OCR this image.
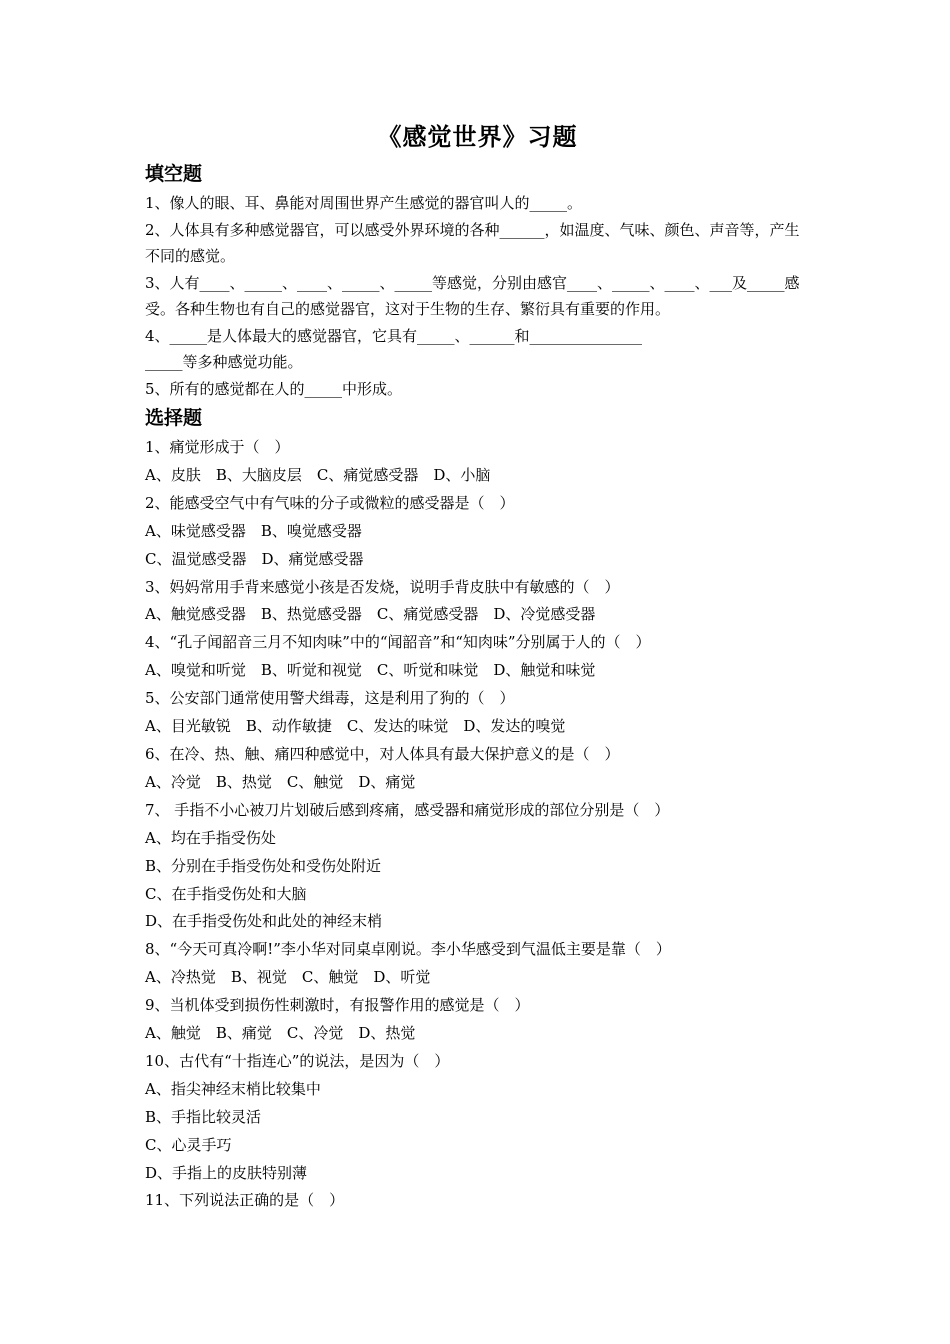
《感觉世界》习题
填空题

1、像人的眼、耳、鼻能对周围世界产生感觉的器官叫人的_____。

2、人体具有多种感觉器官，可以感受外界环境的各种______，如温度、气味、颜色、声音等，产生不同的感觉。

3、人有____、_____、____、_____、_____等感觉，分别由感官____、_____、____、___及_____感受。各种生物也有自己的感觉器官，这对于生物的生存、繁衍具有重要的作用。

4、_____是人体最大的感觉器官，它具有_____、______和_______________
_____等多种感觉功能。

5、所有的感觉都在人的_____中形成。

选择题

1、痛觉形成于（　）

A、皮肤　B、大脑皮层　C、痛觉感受器　D、小脑

2、能感受空气中有气味的分子或微粒的感受器是（　）

A、味觉感受器　B、嗅觉感受器

C、温觉感受器　D、痛觉感受器

3、妈妈常用手背来感觉小孩是否发烧，说明手背皮肤中有敏感的（　）

A、触觉感受器　B、热觉感受器　C、痛觉感受器　D、冷觉感受器

4、“孔子闻韶音三月不知肉味”中的“闻韶音”和“知肉味”分别属于人的（　）

A、嗅觉和听觉　B、听觉和视觉　C、听觉和味觉　D、触觉和味觉

5、公安部门通常使用警犬缉毒，这是利用了狗的（　）

A、目光敏锐　B、动作敏捷　C、发达的味觉　D、发达的嗅觉

6、在冷、热、触、痛四种感觉中，对人体具有最大保护意义的是（　）

A、冷觉　B、热觉　C、触觉　D、痛觉

7、 手指不小心被刀片划破后感到疼痛，感受器和痛觉形成的部位分别是（　）

A、均在手指受伤处

B、分别在手指受伤处和受伤处附近

C、在手指受伤处和大脑

D、在手指受伤处和此处的神经末梢

8、“今天可真冷啊!”李小华对同桌卓刚说。李小华感受到气温低主要是靠（　）

A、冷热觉　B、视觉　C、触觉　D、听觉

9、当机体受到损伤性刺激时，有报警作用的感觉是（　）

A、触觉　B、痛觉　C、冷觉　D、热觉

10、古代有“十指连心”的说法，是因为（　）

A、指尖神经末梢比较集中

B、手指比较灵活

C、心灵手巧

D、手指上的皮肤特别薄

11、下列说法正确的是（　）
